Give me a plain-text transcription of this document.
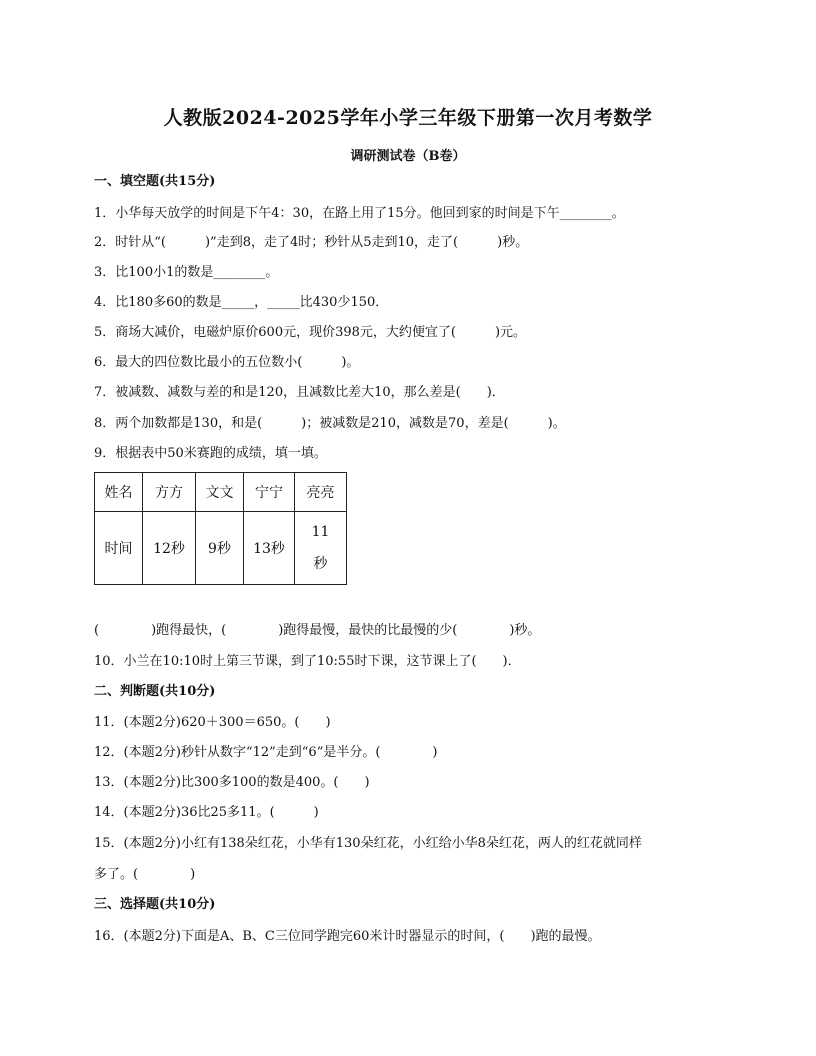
人教版2024-2025学年小学三年级下册第一次月考数学
调研测试卷（B卷）
一、填空题(共15分)
1．小华每天放学的时间是下午4：30，在路上用了15分。他回到家的时间是下午________。
2．时针从“(　　　)”走到8，走了4时；秒针从5走到10，走了(　　　)秒。
3．比100小1的数是________。
4．比180多60的数是_____，_____比430少150．
5．商场大减价，电磁炉原价600元，现价398元，大约便宜了(　　　)元。
6．最大的四位数比最小的五位数小(　　　)。
7．被减数、减数与差的和是120，且减数比差大10，那么差是(　　)．
8．两个加数都是130，和是(　　　)；被减数是210，减数是70，差是(　　　)。
9．根据表中50米赛跑的成绩，填一填。
姓名	方方	文文	宁宁	亮亮
时间	12秒	9秒	13秒	11秒
(　　　　)跑得最快，(　　　　)跑得最慢，最快的比最慢的少(　　　　)秒。
10．小兰在10:10时上第三节课，到了10:55时下课，这节课上了(　　)．
二、判断题(共10分)
11．(本题2分)620＋300＝650。(　　)
12．(本题2分)秒针从数字“12”走到“6”是半分。(　　　　)
13．(本题2分)比300多100的数是400。(　　)
14．(本题2分)36比25多11。(　　　)
15．(本题2分)小红有138朵红花，小华有130朵红花，小红给小华8朵红花，两人的红花就同样
多了。(　　　　)
三、选择题(共10分)
16．(本题2分)下面是A、B、C三位同学跑完60米计时器显示的时间，(　　)跑的最慢。
